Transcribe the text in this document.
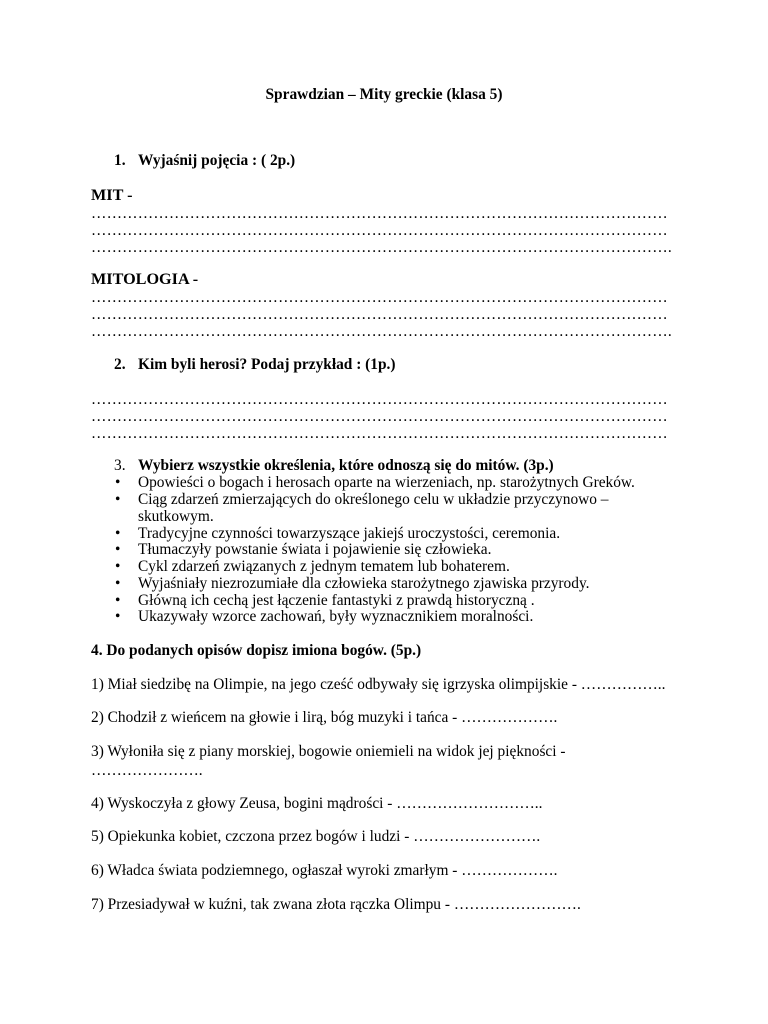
Sprawdzian – Mity greckie (klasa 5)
1. Wyjaśnij pojęcia : ( 2p.)
MIT -
…………………………………………………………………………………………………
…………………………………………………………………………………………………
………………………………………………………………………………………………….
MITOLOGIA -
…………………………………………………………………………………………………
…………………………………………………………………………………………………
………………………………………………………………………………………………….
2. Kim byli herosi? Podaj przykład : (1p.)
…………………………………………………………………………………………………
…………………………………………………………………………………………………
…………………………………………………………………………………………………
3. Wybierz wszystkie określenia, które odnoszą się do mitów. (3p.)
• Opowieści o bogach i herosach oparte na wierzeniach, np. starożytnych Greków.
• Ciąg zdarzeń zmierzających do określonego celu w układzie przyczynowo –
skutkowym.
• Tradycyjne czynności towarzyszące jakiejś uroczystości, ceremonia.
• Tłumaczyły powstanie świata i pojawienie się człowieka.
• Cykl zdarzeń związanych z jednym tematem lub bohaterem.
• Wyjaśniały niezrozumiałe dla człowieka starożytnego zjawiska przyrody.
• Główną ich cechą jest łączenie fantastyki z prawdą historyczną .
• Ukazywały wzorce zachowań, były wyznacznikiem moralności.
4. Do podanych opisów dopisz imiona bogów. (5p.)
1) Miał siedzibę na Olimpie, na jego cześć odbywały się igrzyska olimpijskie - ……………..
2) Chodził z wieńcem na głowie i lirą, bóg muzyki i tańca - ……………….
3) Wyłoniła się z piany morskiej, bogowie oniemieli na widok jej piękności -
………………….
4) Wyskoczyła z głowy Zeusa, bogini mądrości - ………………………..
5) Opiekunka kobiet, czczona przez bogów i ludzi - …………………….
6) Władca świata podziemnego, ogłaszał wyroki zmarłym - ……………….
7) Przesiadywał w kuźni, tak zwana złota rączka Olimpu - …………………….
